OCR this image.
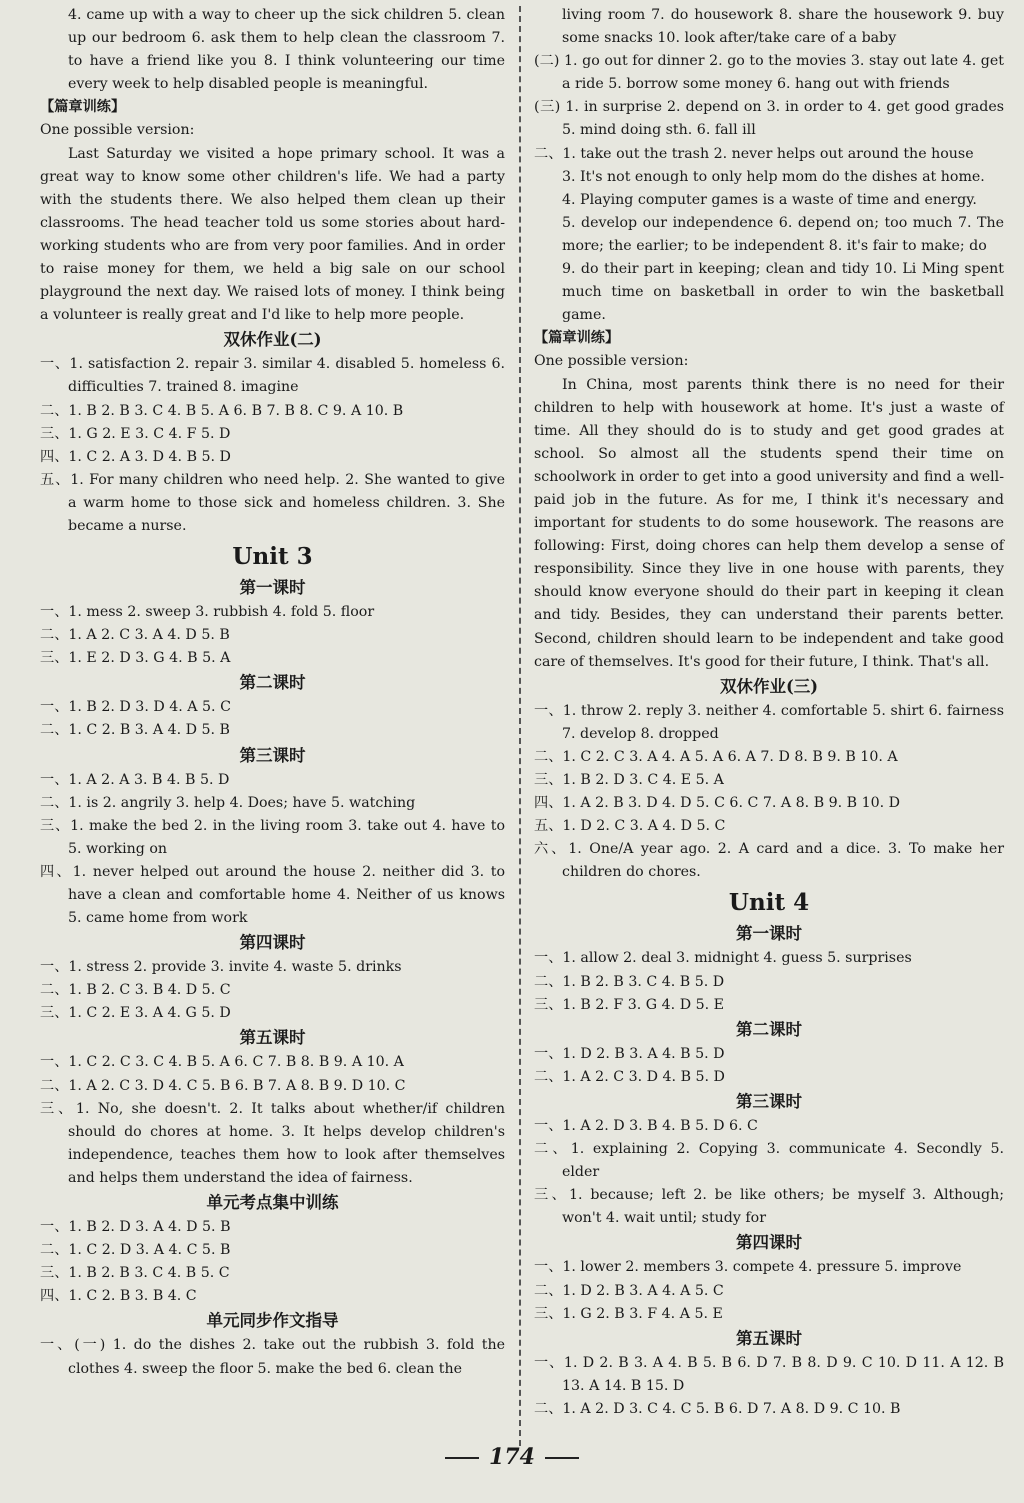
4. came up with a way to cheer up the sick children 5. clean up our bedroom 6. ask them to help clean the classroom 7. to have a friend like you 8. I think volunteering our time every week to help disabled people is meaningful.
【篇章训练】
One possible version:
Last Saturday we visited a hope primary school. It was a great way to know some other children's life. We had a party with the students there. We also helped them clean up their classrooms. The head teacher told us some stories about hard-working students who are from very poor families. And in order to raise money for them, we held a big sale on our school playground the next day. We raised lots of money. I think being a volunteer is really great and I'd like to help more people.
双休作业(二)
一、1. satisfaction 2. repair 3. similar 4. disabled 5. homeless 6. difficulties 7. trained 8. imagine
二、1. B 2. B 3. C 4. B 5. A 6. B 7. B 8. C 9. A 10. B
三、1. G 2. E 3. C 4. F 5. D
四、1. C 2. A 3. D 4. B 5. D
五、1. For many children who need help. 2. She wanted to give a warm home to those sick and homeless children. 3. She became a nurse.
Unit 3
第一课时
一、1. mess 2. sweep 3. rubbish 4. fold 5. floor
二、1. A 2. C 3. A 4. D 5. B
三、1. E 2. D 3. G 4. B 5. A
第二课时
一、1. B 2. D 3. D 4. A 5. C
二、1. C 2. B 3. A 4. D 5. B
第三课时
一、1. A 2. A 3. B 4. B 5. D
二、1. is 2. angrily 3. help 4. Does; have 5. watching
三、1. make the bed 2. in the living room 3. take out 4. have to 5. working on
四、1. never helped out around the house 2. neither did 3. to have a clean and comfortable home 4. Neither of us knows 5. came home from work
第四课时
一、1. stress 2. provide 3. invite 4. waste 5. drinks
二、1. B 2. C 3. B 4. D 5. C
三、1. C 2. E 3. A 4. G 5. D
第五课时
一、1. C 2. C 3. C 4. B 5. A 6. C 7. B 8. B 9. A 10. A
二、1. A 2. C 3. D 4. C 5. B 6. B 7. A 8. B 9. D 10. C
三、1. No, she doesn't. 2. It talks about whether/if children should do chores at home. 3. It helps develop children's independence, teaches them how to look after themselves and helps them understand the idea of fairness.
单元考点集中训练
一、1. B 2. D 3. A 4. D 5. B
二、1. C 2. D 3. A 4. C 5. B
三、1. B 2. B 3. C 4. B 5. C
四、1. C 2. B 3. B 4. C
单元同步作文指导
一、(一) 1. do the dishes 2. take out the rubbish 3. fold the clothes 4. sweep the floor 5. make the bed 6. clean the
living room 7. do housework 8. share the housework 9. buy some snacks 10. look after/take care of a baby
(二) 1. go out for dinner 2. go to the movies 3. stay out late 4. get a ride 5. borrow some money 6. hang out with friends
(三) 1. in surprise 2. depend on 3. in order to 4. get good grades 5. mind doing sth. 6. fall ill
二、1. take out the trash 2. never helps out around the house
3. It's not enough to only help mom do the dishes at home.
4. Playing computer games is a waste of time and energy.
5. develop our independence 6. depend on; too much 7. The more; the earlier; to be independent 8. it's fair to make; do
9. do their part in keeping; clean and tidy 10. Li Ming spent much time on basketball in order to win the basketball game.
【篇章训练】
One possible version:
In China, most parents think there is no need for their children to help with housework at home. It's just a waste of time. All they should do is to study and get good grades at school. So almost all the students spend their time on schoolwork in order to get into a good university and find a well-paid job in the future. As for me, I think it's necessary and important for students to do some housework. The reasons are following: First, doing chores can help them develop a sense of responsibility. Since they live in one house with parents, they should know everyone should do their part in keeping it clean and tidy. Besides, they can understand their parents better. Second, children should learn to be independent and take good care of themselves. It's good for their future, I think. That's all.
双休作业(三)
一、1. throw 2. reply 3. neither 4. comfortable 5. shirt 6. fairness 7. develop 8. dropped
二、1. C 2. C 3. A 4. A 5. A 6. A 7. D 8. B 9. B 10. A
三、1. B 2. D 3. C 4. E 5. A
四、1. A 2. B 3. D 4. D 5. C 6. C 7. A 8. B 9. B 10. D
五、1. D 2. C 3. A 4. D 5. C
六、1. One/A year ago. 2. A card and a dice. 3. To make her children do chores.
Unit 4
第一课时
一、1. allow 2. deal 3. midnight 4. guess 5. surprises
二、1. B 2. B 3. C 4. B 5. D
三、1. B 2. F 3. G 4. D 5. E
第二课时
一、1. D 2. B 3. A 4. B 5. D
二、1. A 2. C 3. D 4. B 5. D
第三课时
一、1. A 2. D 3. B 4. B 5. D 6. C
二、1. explaining 2. Copying 3. communicate 4. Secondly 5. elder
三、1. because; left 2. be like others; be myself 3. Although; won't 4. wait until; study for
第四课时
一、1. lower 2. members 3. compete 4. pressure 5. improve
二、1. D 2. B 3. A 4. A 5. C
三、1. G 2. B 3. F 4. A 5. E
第五课时
一、1. D 2. B 3. A 4. B 5. B 6. D 7. B 8. D 9. C 10. D 11. A 12. B 13. A 14. B 15. D
二、1. A 2. D 3. C 4. C 5. B 6. D 7. A 8. D 9. C 10. B
174
